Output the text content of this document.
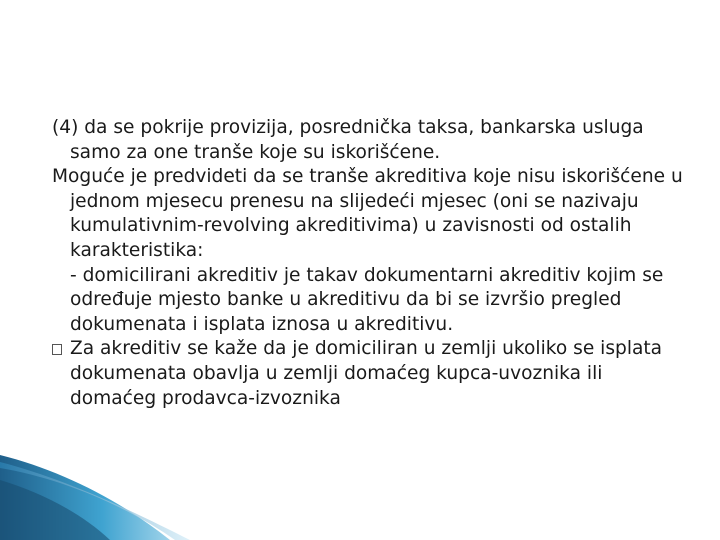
(4) da se pokrije provizija, posrednička taksa, bankarska usluga samo za one tranše koje su iskorišćene.

Moguće je predvideti da se tranše akreditiva koje nisu iskorišćene u jednom mjesecu prenesu na slijedeći mjesec (oni se nazivaju kumulativnim-revolving akreditivima) u zavisnosti od ostalih karakteristika:

- domicilirani akreditiv je takav dokumentarni akreditiv kojim se određuje mjesto banke u akreditivu da bi se izvršio pregled dokumenata i isplata iznosa u akreditivu.

Za akreditiv se kaže da je domiciliran u zemlji ukoliko se isplata dokumenata obavlja u zemlji domaćeg kupca-uvoznika ili domaćeg prodavca-izvoznika
